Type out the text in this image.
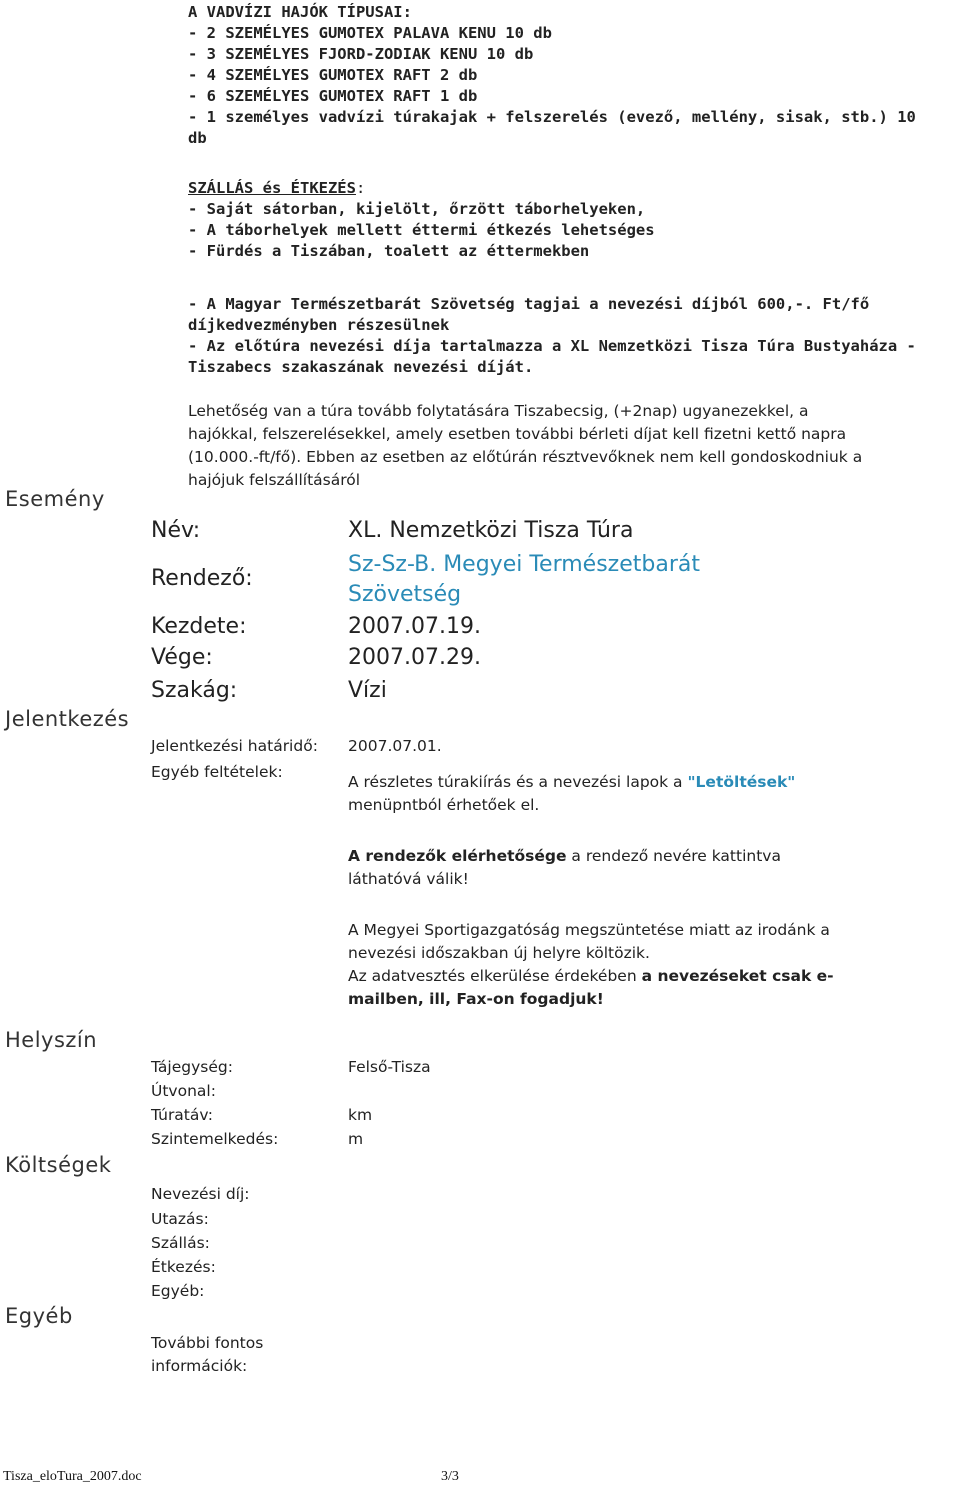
A VADVÍZI HAJÓK TÍPUSAI:
- 2 SZEMÉLYES GUMOTEX PALAVA KENU 10 db
- 3 SZEMÉLYES FJORD-ZODIAK KENU 10 db
- 4 SZEMÉLYES GUMOTEX RAFT 2 db
- 6 SZEMÉLYES GUMOTEX RAFT 1 db
- 1 személyes vadvízi túrakajak + felszerelés (evező, mellény, sisak, stb.) 10
db
SZÁLLÁS és ÉTKEZÉS:
- Saját sátorban, kijelölt, őrzött táborhelyeken,
- A táborhelyek mellett éttermi étkezés lehetséges
- Fürdés a Tiszában, toalett az éttermekben
- A Magyar Természetbarát Szövetség tagjai a nevezési díjból 600,-. Ft/fő
díjkedvezményben részesülnek
- Az előtúra nevezési díja tartalmazza a XL Nemzetközi Tisza Túra Bustyaháza -
Tiszabecs szakaszának nevezési díját.
Lehetőség van a túra tovább folytatására Tiszabecsig, (+2nap) ugyanezekkel, a
hajókkal, felszerelésekkel, amely esetben további bérleti díjat kell fizetni kettő napra
(10.000.-ft/fő). Ebben az esetben az előtúrán résztvevőknek nem kell gondoskodniuk a
hajójuk felszállításáról
Esemény
Jelentkezés
Helyszín
Költségek
Egyéb
Név:	XL. Nemzetközi Tisza Túra
Rendező:
Sz-Sz-B. Megyei Természetbarát
Szövetség
Kezdete:	2007.07.19.
Vége:	2007.07.29.
Szakág:	Vízi
Jelentkezési határidő: 2007.07.01.
Egyéb feltételek:
A részletes túrakiírás és a nevezési lapok a "Letöltések"
menüpntból érhetőek el.
A rendezők elérhetősége a rendező nevére kattintva
láthatóvá válik!
A Megyei Sportigazgatóság megszüntetése miatt az irodánk a
nevezési időszakban új helyre költözik.
Az adatvesztés elkerülése érdekében a nevezéseket csak e-
mailben, ill, Fax-on fogadjuk!
Tájegység:	Felső-Tisza
Útvonal:
Túratáv:	km
Szintemelkedés:	m
Nevezési díj:
Utazás:
Szállás:
Étkezés:
Egyéb:
További fontos
információk:
Tisza_eloTura_2007.doc	3/3
